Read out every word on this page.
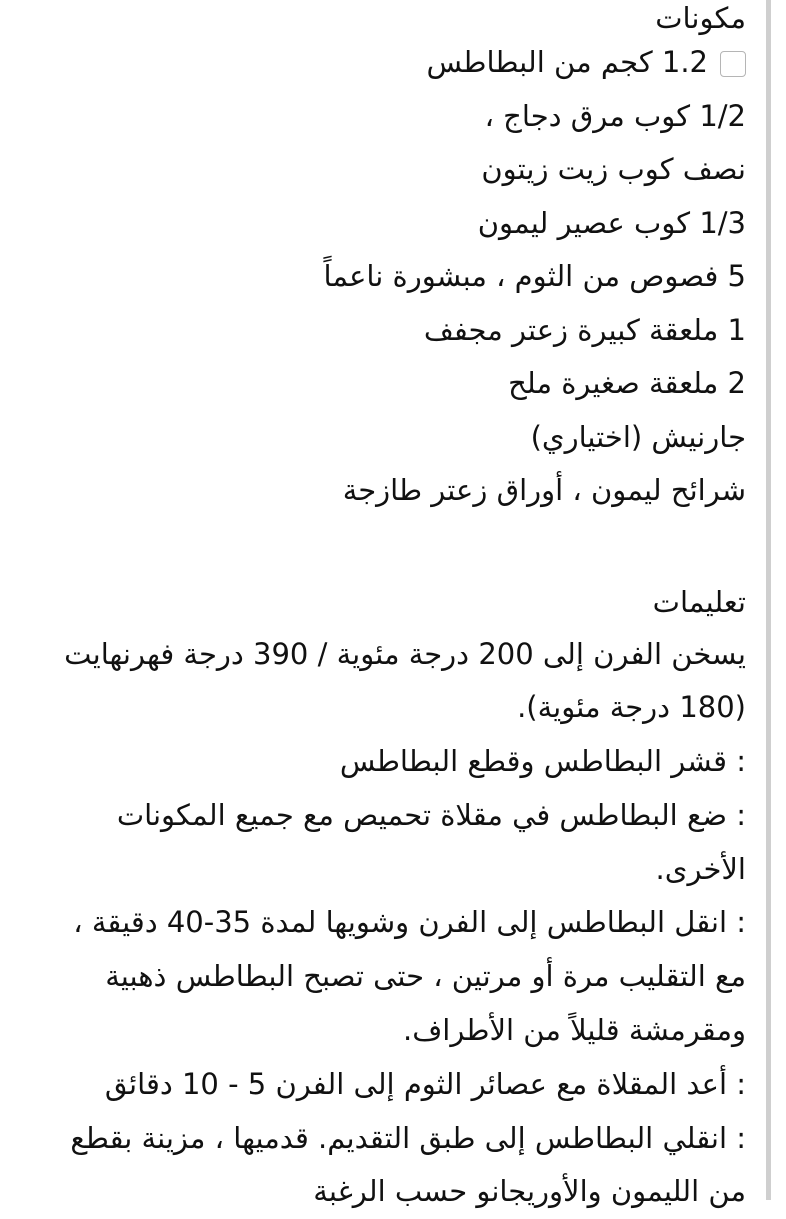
مكونات
1.2 كجم من البطاطس
1/2 كوب مرق دجاج ،
نصف كوب زيت زيتون
1/3 كوب عصير ليمون
5 فصوص من الثوم ، مبشورة ناعماً
1 ملعقة كبيرة زعتر مجفف
2 ملعقة صغيرة ملح
جارنيش (اختياري)
شرائح ليمون ، أوراق زعتر طازجة
تعليمات
يسخن الفرن إلى 200 درجة مئوية / 390 درجة فهرنهايت (180 درجة مئوية).
: قشر البطاطس وقطع البطاطس
: ضع البطاطس في مقلاة تحميص مع جميع المكونات الأخرى.
: انقل البطاطس إلى الفرن وشويها لمدة 35-40 دقيقة ، مع التقليب مرة أو مرتين ، حتى تصبح البطاطس ذهبية ومقرمشة قليلاً من الأطراف.
: أعد المقلاة مع عصائر الثوم إلى الفرن 5 - 10 دقائق
: انقلي البطاطس إلى طبق التقديم. قدميها ، مزينة بقطع من الليمون والأوريجانو حسب الرغبة
